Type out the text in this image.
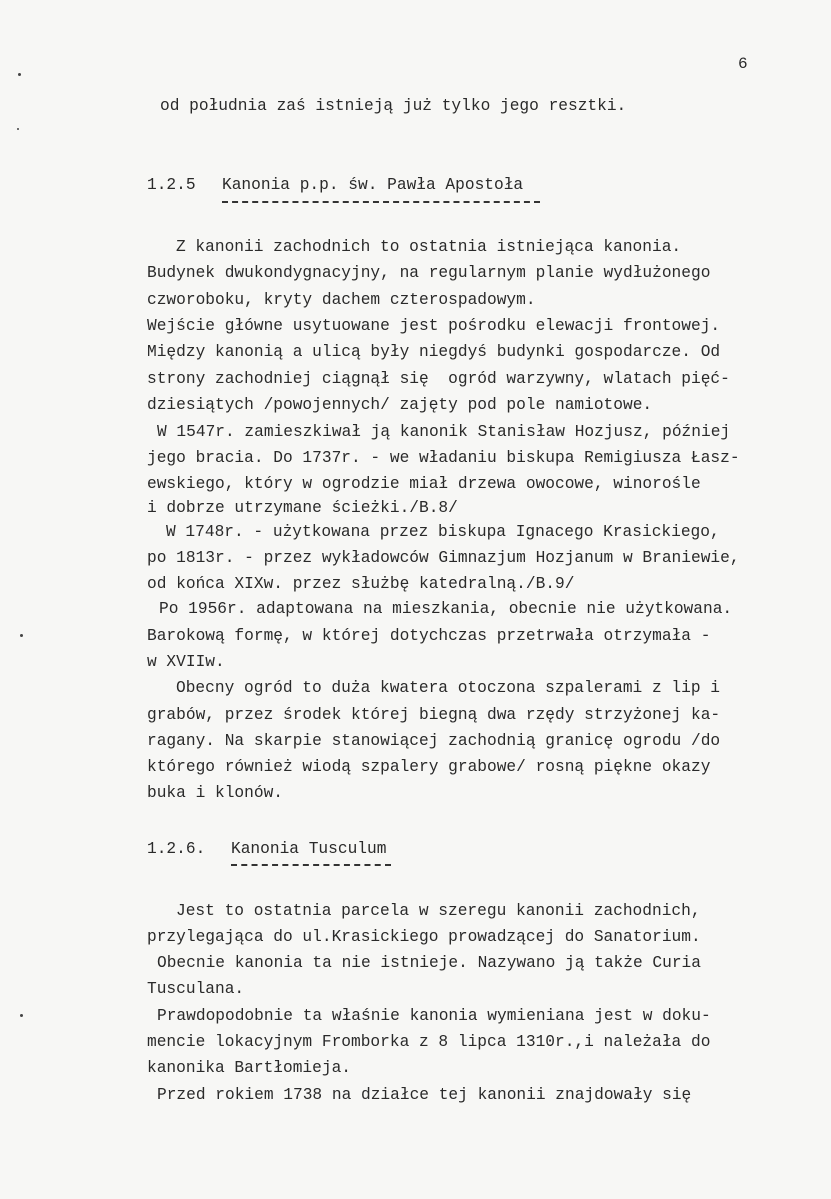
6
od południa zaś istnieją już tylko jego resztki.
1.2.5 Kanonia p.p. św. Pawła Apostoła
Z kanonii zachodnich to ostatnia istniejąca kanonia.
Budynek dwukondygnacyjny, na regularnym planie wydłużonego
czworoboku, kryty dachem czterospadowym.
Wejście główne usytuowane jest pośrodku elewacji frontowej.
Między kanonią a ulicą były niegdyś budynki gospodarcze. Od
strony zachodniej ciągnął się  ogród warzywny, wlatach pięć-
dziesiątych /powojennych/ zajęty pod pole namiotowe.
W 1547r. zamieszkiwał ją kanonik Stanisław Hozjusz, później
jego bracia. Do 1737r. - we władaniu biskupa Remigiusza Łasz-
ewskiego, który w ogrodzie miał drzewa owocowe, winorośle
i dobrze utrzymane ścieżki./B.8/
W 1748r. - użytkowana przez biskupa Ignacego Krasickiego,
po 1813r. - przez wykładowców Gimnazjum Hozjanum w Braniewie,
od końca XIXw. przez służbę katedralną./B.9/
Po 1956r. adaptowana na mieszkania, obecnie nie użytkowana.
Barokową formę, w której dotychczas przetrwała otrzymała -
w XVIIw.
Obecny ogród to duża kwatera otoczona szpalerami z lip i
grabów, przez środek której biegną dwa rzędy strzyżonej ka-
ragany. Na skarpie stanowiącej zachodnią granicę ogrodu /do
którego również wiodą szpalery grabowe/ rosną piękne okazy
buka i klonów.
1.2.6. Kanonia Tusculum
Jest to ostatnia parcela w szeregu kanonii zachodnich,
przylegająca do ul.Krasickiego prowadzącej do Sanatorium.
Obecnie kanonia ta nie istnieje. Nazywano ją także Curia
Tusculana.
Prawdopodobnie ta właśnie kanonia wymieniana jest w doku-
mencie lokacyjnym Fromborka z 8 lipca 1310r.,i należała do
kanonika Bartłomieja.
Przed rokiem 1738 na działce tej kanonii znajdowały się
